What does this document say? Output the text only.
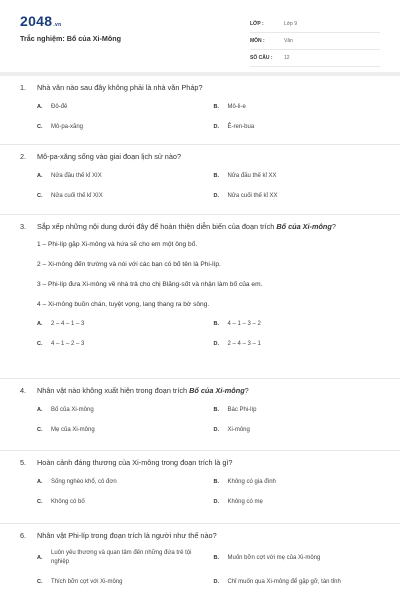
2048.vn
Trắc nghiệm: Bố của Xi-Mông
LỚP :	Lớp 9
MÔN :	Văn
SỐ CÂU :	12
1.	Nhà văn nào sau đây không phải là nhà văn Pháp?
A.	Đô-đê	B.	Mô-li-e
C.	Mô-pa-xăng	D.	Ê-ren-bua
2.	Mô-pa-xăng sống vào giai đoạn lịch sử nào?
A.	Nửa đầu thế kỉ XIX	B.	Nửa đầu thế kỉ XX
C.	Nửa cuối thế kỉ XIX	D.	Nửa cuối thế kỉ XX
3.	Sắp xếp những nội dung dưới đây để hoàn thiện diễn biến của đoạn trích Bố của Xi-mông?
1 – Phi-líp gặp Xi-mông và hứa sẽ cho em một ông bố.
2 – Xi-mông đến trường và nói với các bạn có bố tên là Phi-líp.
3 – Phi-líp đưa Xi-mông về nhà trả cho chị Blăng-sốt và nhận làm bố của em.
4 – Xi-mông buồn chán, tuyệt vọng, lang thang ra bờ sông.
A.	2 – 4 – 1 – 3	B.	4 – 1 – 3 – 2
C.	4 – 1 – 2 – 3	D.	2 – 4 – 3 – 1
4.	Nhân vật nào không xuất hiện trong đoạn trích Bố của Xi-mông?
A.	Bố của Xi-mông	B.	Bác Phi-líp
C.	Mẹ của Xi-mông	D.	Xi-mông
5.	Hoàn cảnh đáng thương của Xi-mông trong đoạn trích là gì?
A.	Sống nghèo khổ, cô đơn	B.	Không có gia đình
C.	Không có bố	D.	Không có mẹ
6.	Nhân vật Phi-líp trong đoạn trích là người như thế nào?
A.
Luôn yêu thương và quan tâm đến những đứa trẻ tội nghiệp
B.	Muốn bỡn cợt với mẹ của Xi-mông
C.	Thích bỡn cợt với Xi-mông	D.	Chỉ muốn qua Xi-mông để gặp gỡ, tán tỉnh
